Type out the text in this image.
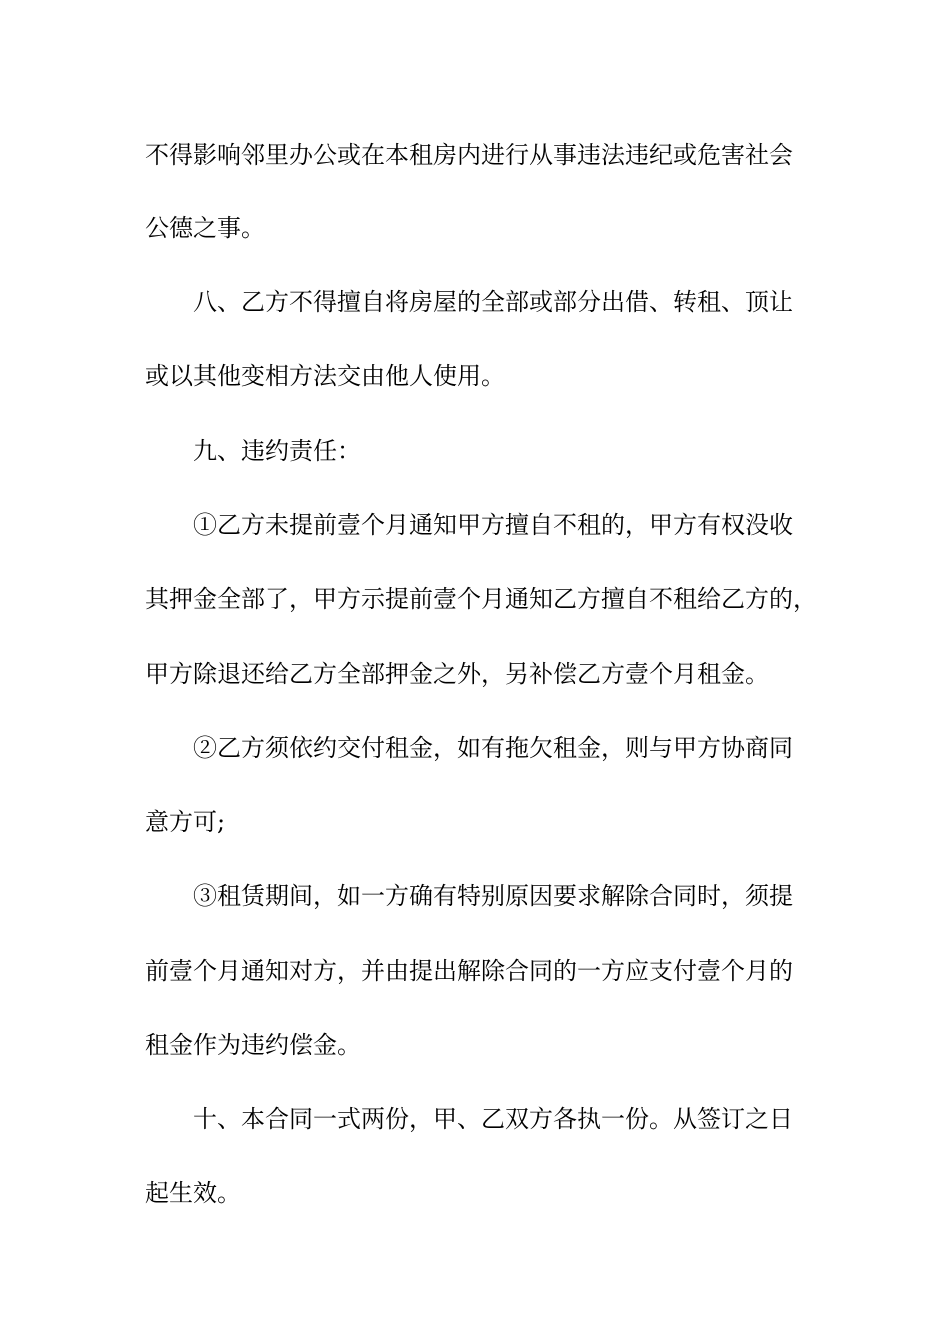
不得影响邻里办公或在本租房内进行从事违法违纪或危害社会

公德之事。

八、乙方不得擅自将房屋的全部或部分出借、转租、顶让

或以其他变相方法交由他人使用。

九、违约责任：

①乙方未提前壹个月通知甲方擅自不租的，甲方有权没收

其押金全部了，甲方示提前壹个月通知乙方擅自不租给乙方的，

甲方除退还给乙方全部押金之外，另补偿乙方壹个月租金。

②乙方须依约交付租金，如有拖欠租金，则与甲方协商同

意方可;

③租赁期间，如一方确有特别原因要求解除合同时，须提

前壹个月通知对方，并由提出解除合同的一方应支付壹个月的

租金作为违约偿金。

十、本合同一式两份，甲、乙双方各执一份。从签订之日

起生效。
